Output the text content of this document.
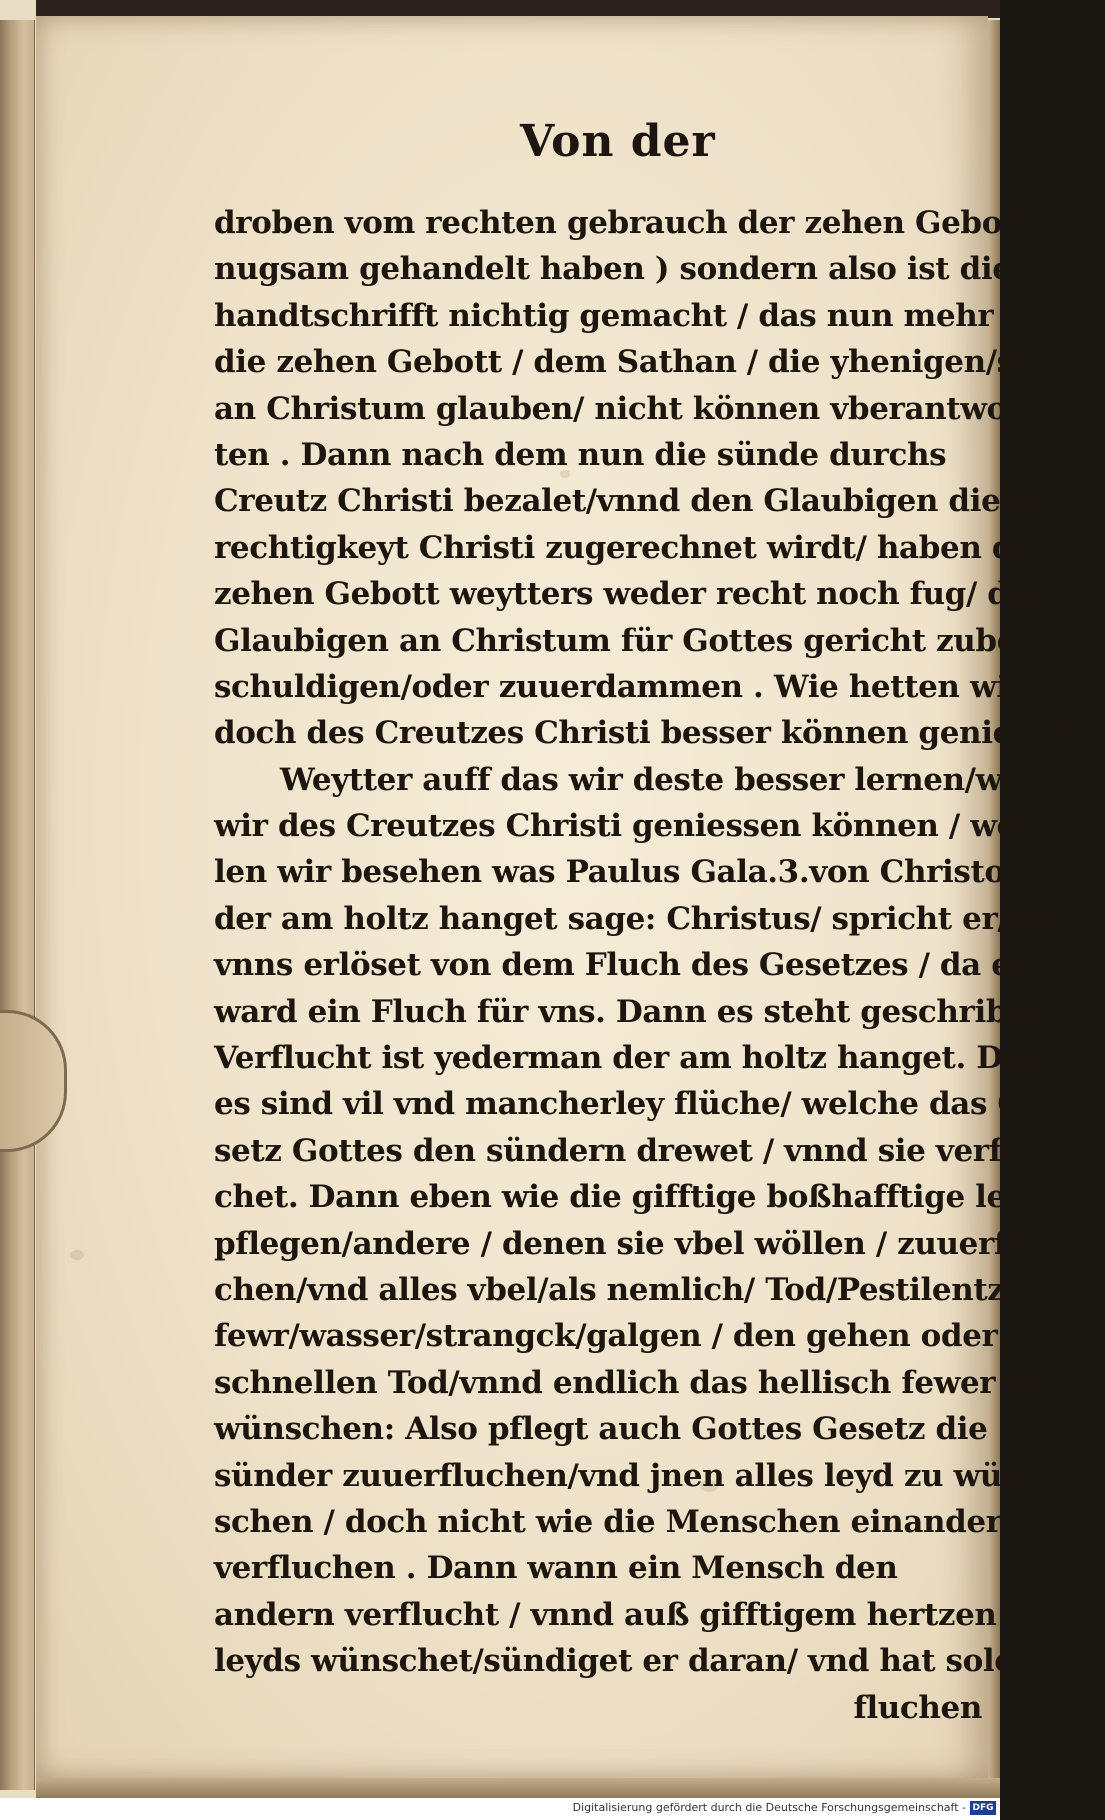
Von der
droben vom rechten gebrauch der zehen Gebott ge
nugsam gehandelt haben ) sondern also ist diese
handtschrifft nichtig gemacht / das nun mehr
die zehen Gebott / dem Sathan / die yhenigen/so
an Christum glauben/ nicht können vberantwor
ten . Dann nach dem nun die sünde durchs
Creutz Christi bezalet/vnnd den Glaubigen die ge
rechtigkeyt Christi zugerechnet wirdt/ haben die
zehen Gebott weytters weder recht noch fug/ die
Glaubigen an Christum für Gottes gericht zube
schuldigen/oder zuuerdammen . Wie hetten wir
doch des Creutzes Christi besser können geniessen?
Weytter auff das wir deste besser lernen/wie
wir des Creutzes Christi geniessen können / wöl
len wir besehen was Paulus Gala.3.von Christo/
der am holtz hanget sage: Christus/ spricht er/hat
vnns erlöset von dem Fluch des Gesetzes / da er
ward ein Fluch für vns. Dann es steht geschriben:
Verflucht ist yederman der am holtz hanget. Denn
es sind vil vnd mancherley flüche/ welche das Ge
setz Gottes den sündern drewet / vnnd sie verflu
chet. Dann eben wie die gifftige boßhafftige leut
pflegen/andere / denen sie vbel wöllen / zuuerflu
chen/vnd alles vbel/als nemlich/ Tod/Pestilentz/
fewr/wasser/strangck/galgen / den gehen oder
schnellen Tod/vnnd endlich das hellisch fewer zu
wünschen: Also pflegt auch Gottes Gesetz die
sünder zuuerfluchen/vnd jnen alles leyd zu wün
schen / doch nicht wie die Menschen einander
verfluchen . Dann wann ein Mensch den
andern verflucht / vnnd auß gifftigem hertzen
leyds wünschet/sündiget er daran/ vnd hat solche
fluchen
Digitalisierung gefördert durch die Deutsche Forschungsgemeinschaft - DFG
